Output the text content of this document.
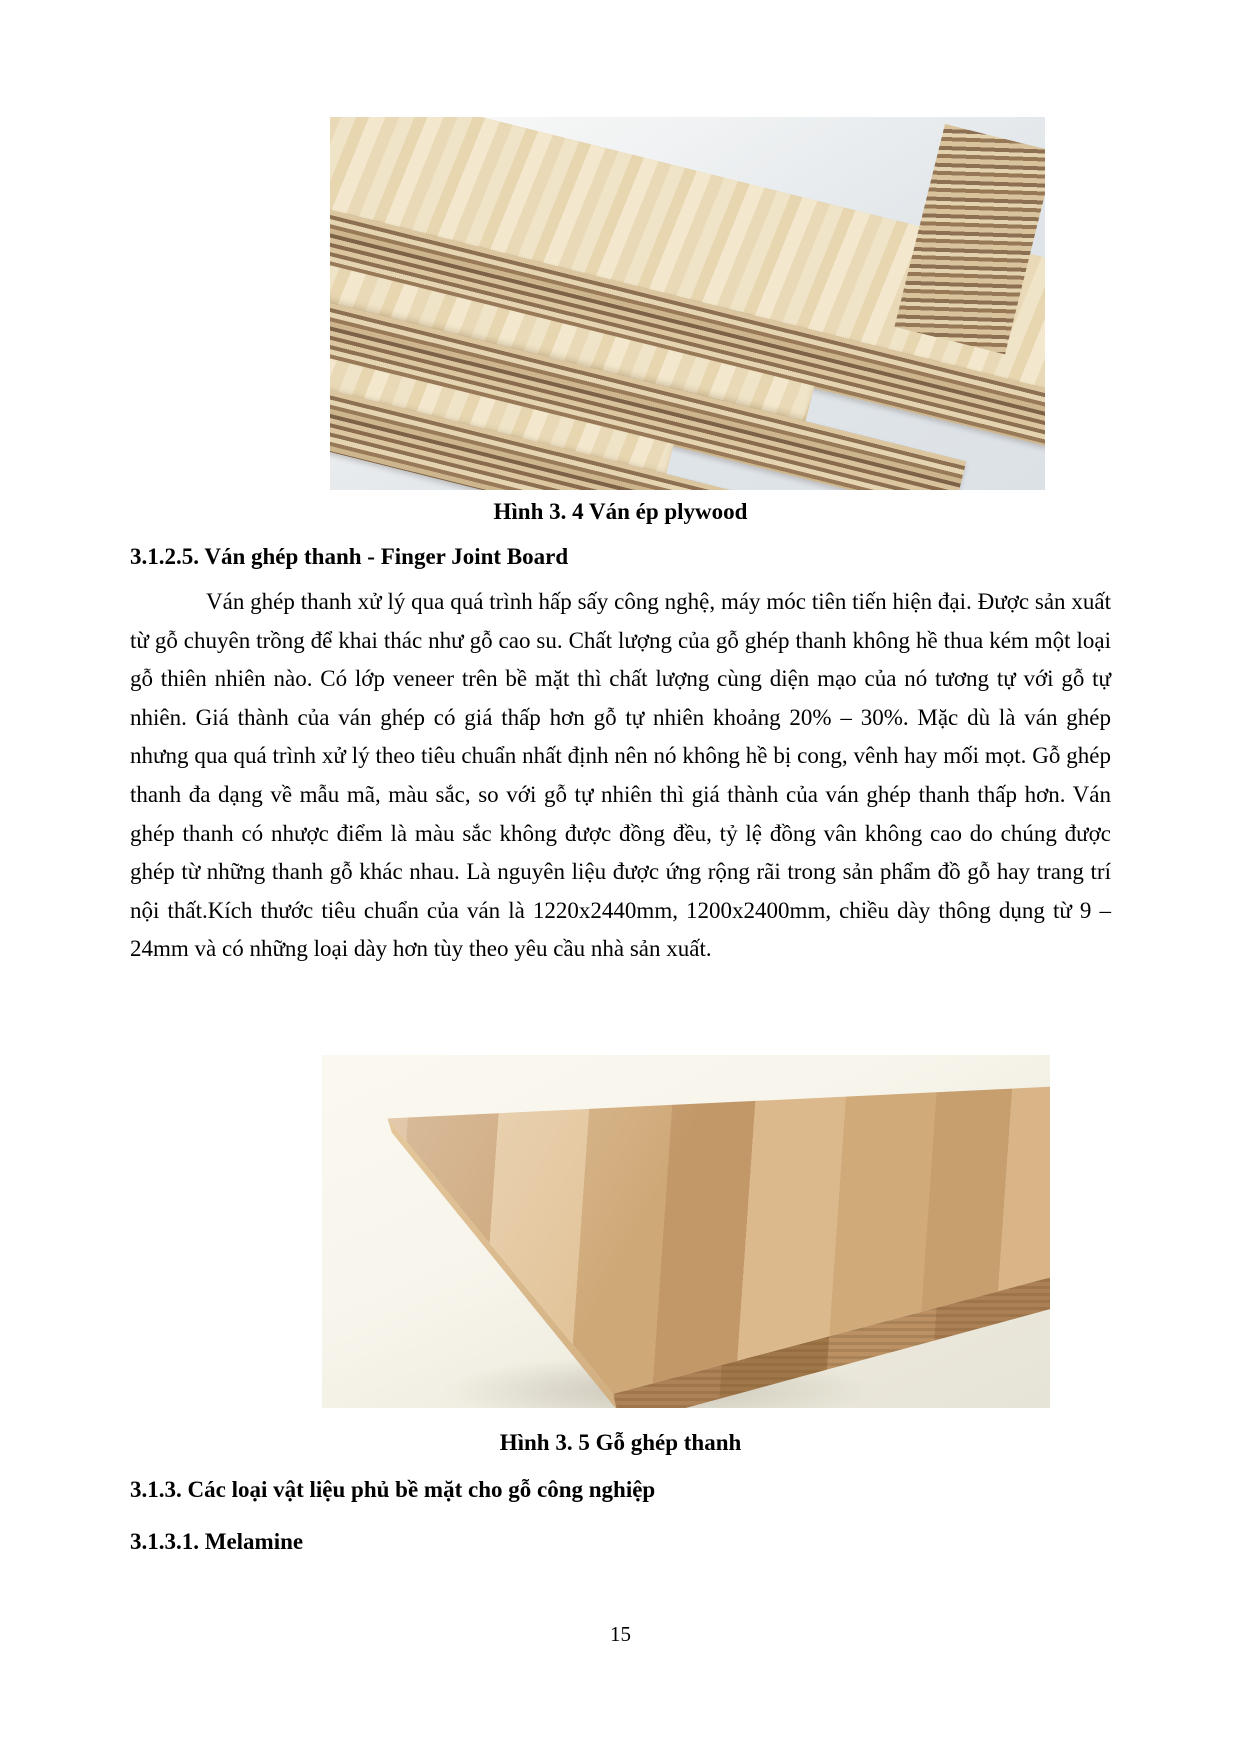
Hình 3. 4 Ván ép plywood
3.1.2.5. Ván ghép thanh - Finger Joint Board
Ván ghép thanh xử lý qua quá trình hấp sấy công nghệ, máy móc tiên tiến hiện đại. Được sản xuất từ gỗ chuyên trồng để khai thác như gỗ cao su. Chất lượng của gỗ ghép thanh không hề thua kém một loại gỗ thiên nhiên nào. Có lớp veneer trên bề mặt thì chất lượng cùng diện mạo của nó tương tự với gỗ tự nhiên. Giá thành của ván ghép có giá thấp hơn gỗ tự nhiên khoảng 20% – 30%. Mặc dù là ván ghép nhưng qua quá trình xử lý theo tiêu chuẩn nhất định nên nó không hề bị cong, vênh hay mối mọt. Gỗ ghép thanh đa dạng về mẫu mã, màu sắc, so với gỗ tự nhiên thì giá thành của ván ghép thanh thấp hơn. Ván ghép thanh có nhược điểm là màu sắc không được đồng đều, tỷ lệ đồng vân không cao do chúng được ghép từ những thanh gỗ khác nhau. Là nguyên liệu được ứng rộng rãi trong sản phẩm đồ gỗ hay trang trí nội thất.Kích thước tiêu chuẩn của ván là 1220x2440mm, 1200x2400mm, chiều dày thông dụng từ 9 – 24mm và có những loại dày hơn tùy theo yêu cầu nhà sản xuất.
Hình 3. 5 Gỗ ghép thanh
3.1.3. Các loại vật liệu phủ bề mặt cho gỗ công nghiệp
3.1.3.1. Melamine
15
